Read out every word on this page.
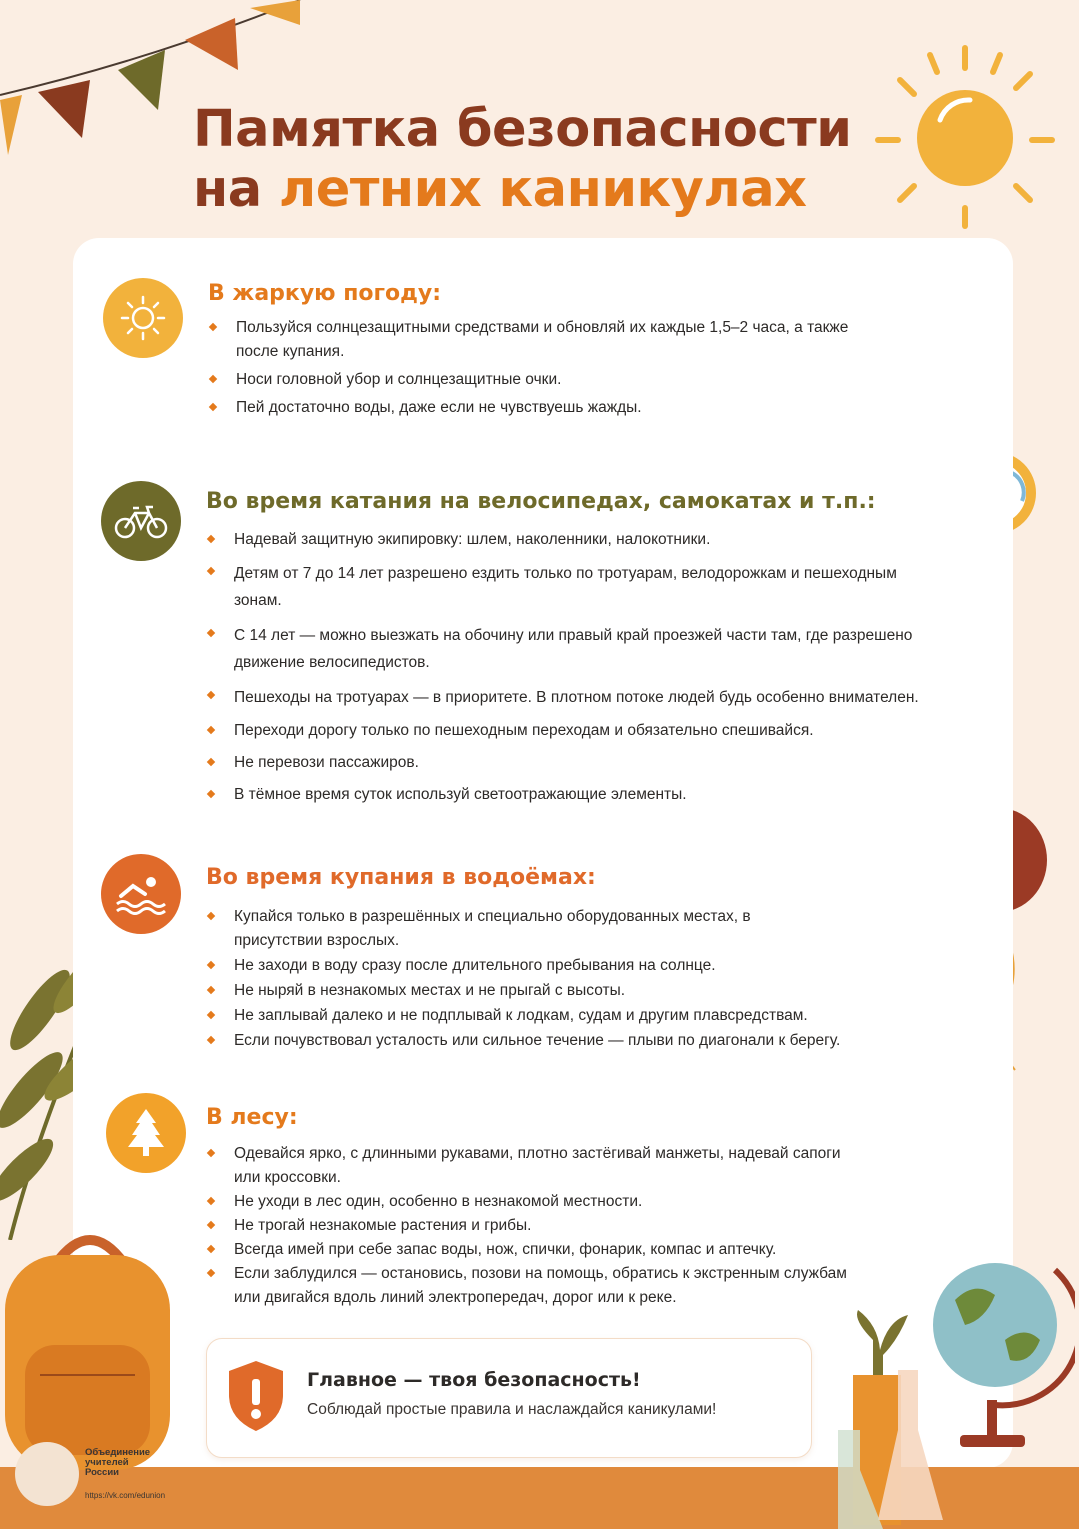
Памятка безопасности
на летних каникулах
В жаркую погоду:
Пользуйся солнцезащитными средствами и обновляй их каждые 1,5–2 часа, а также после купания.
Носи головной убор и солнцезащитные очки.
Пей достаточно воды, даже если не чувствуешь жажды.
Во время катания на велосипедах, самокатах и т.п.:
Надевай защитную экипировку: шлем, наколенники, налокотники.
Детям от 7 до 14 лет разрешено ездить только по тротуарам, велодорожкам и пешеходным зонам.
С 14 лет — можно выезжать на обочину или правый край проезжей части там, где разрешено движение велосипедистов.
Пешеходы на тротуарах — в приоритете. В плотном потоке людей будь особенно внимателен.
Переходи дорогу только по пешеходным переходам и обязательно спешивайся.
Не перевози пассажиров.
В тёмное время суток используй светоотражающие элементы.
Во время купания в водоёмах:
Купайся только в разрешённых и специально оборудованных местах, в присутствии взрослых.
Не заходи в воду сразу после длительного пребывания на солнце.
Не ныряй в незнакомых местах и не прыгай с высоты.
Не заплывай далеко и не подплывай к лодкам, судам и другим плавсредствам.
Если почувствовал усталость или сильное течение — плыви по диагонали к берегу.
В лесу:
Одевайся ярко, с длинными рукавами, плотно застёгивай манжеты, надевай сапоги или кроссовки.
Не уходи в лес один, особенно в незнакомой местности.
Не трогай незнакомые растения и грибы.
Всегда имей при себе запас воды, нож, спички, фонарик, компас и аптечку.
Если заблудился — остановись, позови на помощь, обратись к экстренным службам или двигайся вдоль линий электропередач, дорог или к реке.
Главное — твоя безопасность!

Соблюдай простые правила и наслаждайся каникулами!

Объединение учителей России
https://vk.com/edunion
